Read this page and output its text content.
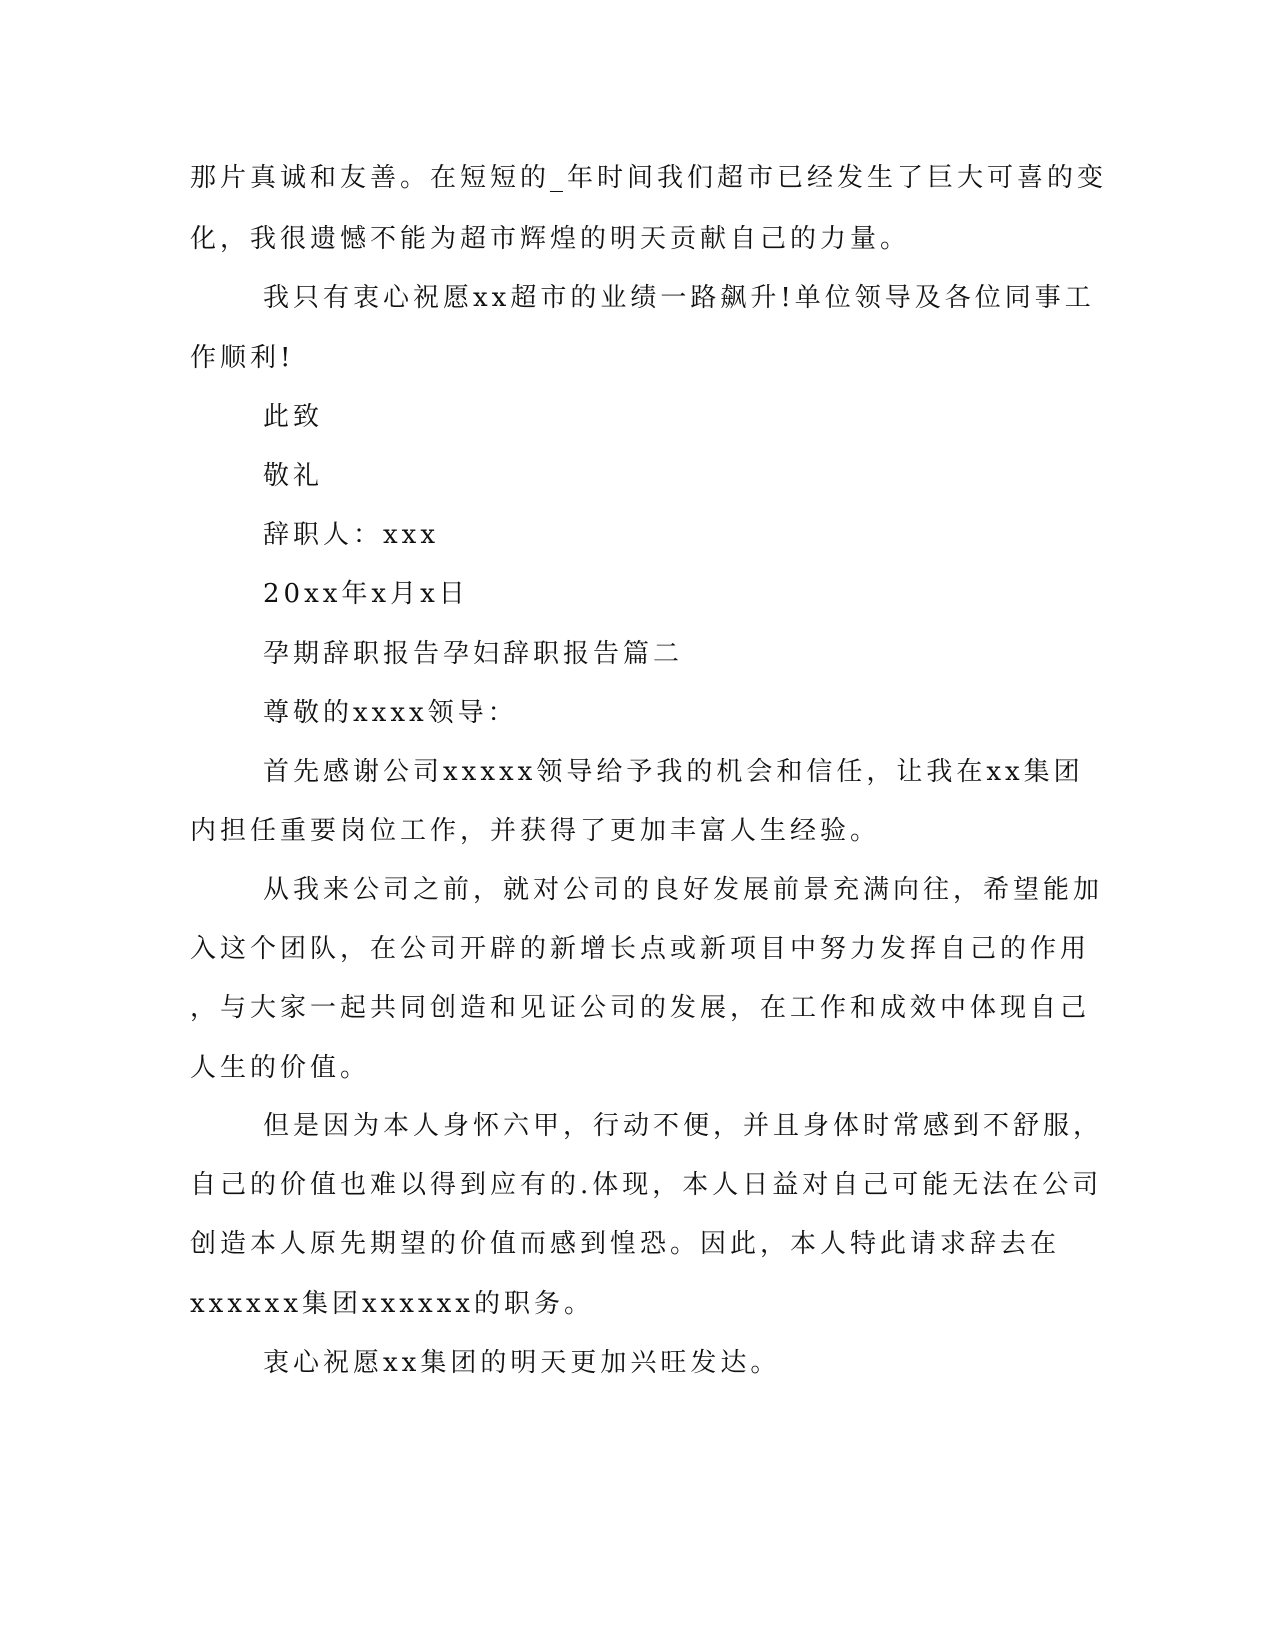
那片真诚和友善。在短短的_年时间我们超市已经发生了巨大可喜的变

化，我很遗憾不能为超市辉煌的明天贡献自己的力量。

我只有衷心祝愿xx超市的业绩一路飙升!单位领导及各位同事工

作顺利!

此致

敬礼

辞职人：xxx

20xx年x月x日

孕期辞职报告孕妇辞职报告篇二

尊敬的xxxx领导：

首先感谢公司xxxxx领导给予我的机会和信任，让我在xx集团

内担任重要岗位工作，并获得了更加丰富人生经验。

从我来公司之前，就对公司的良好发展前景充满向往，希望能加

入这个团队，在公司开辟的新增长点或新项目中努力发挥自己的作用

，与大家一起共同创造和见证公司的发展，在工作和成效中体现自己

人生的价值。

但是因为本人身怀六甲，行动不便，并且身体时常感到不舒服，

自己的价值也难以得到应有的.体现，本人日益对自己可能无法在公司

创造本人原先期望的价值而感到惶恐。因此，本人特此请求辞去在

xxxxxx集团xxxxxx的职务。

衷心祝愿xx集团的明天更加兴旺发达。
